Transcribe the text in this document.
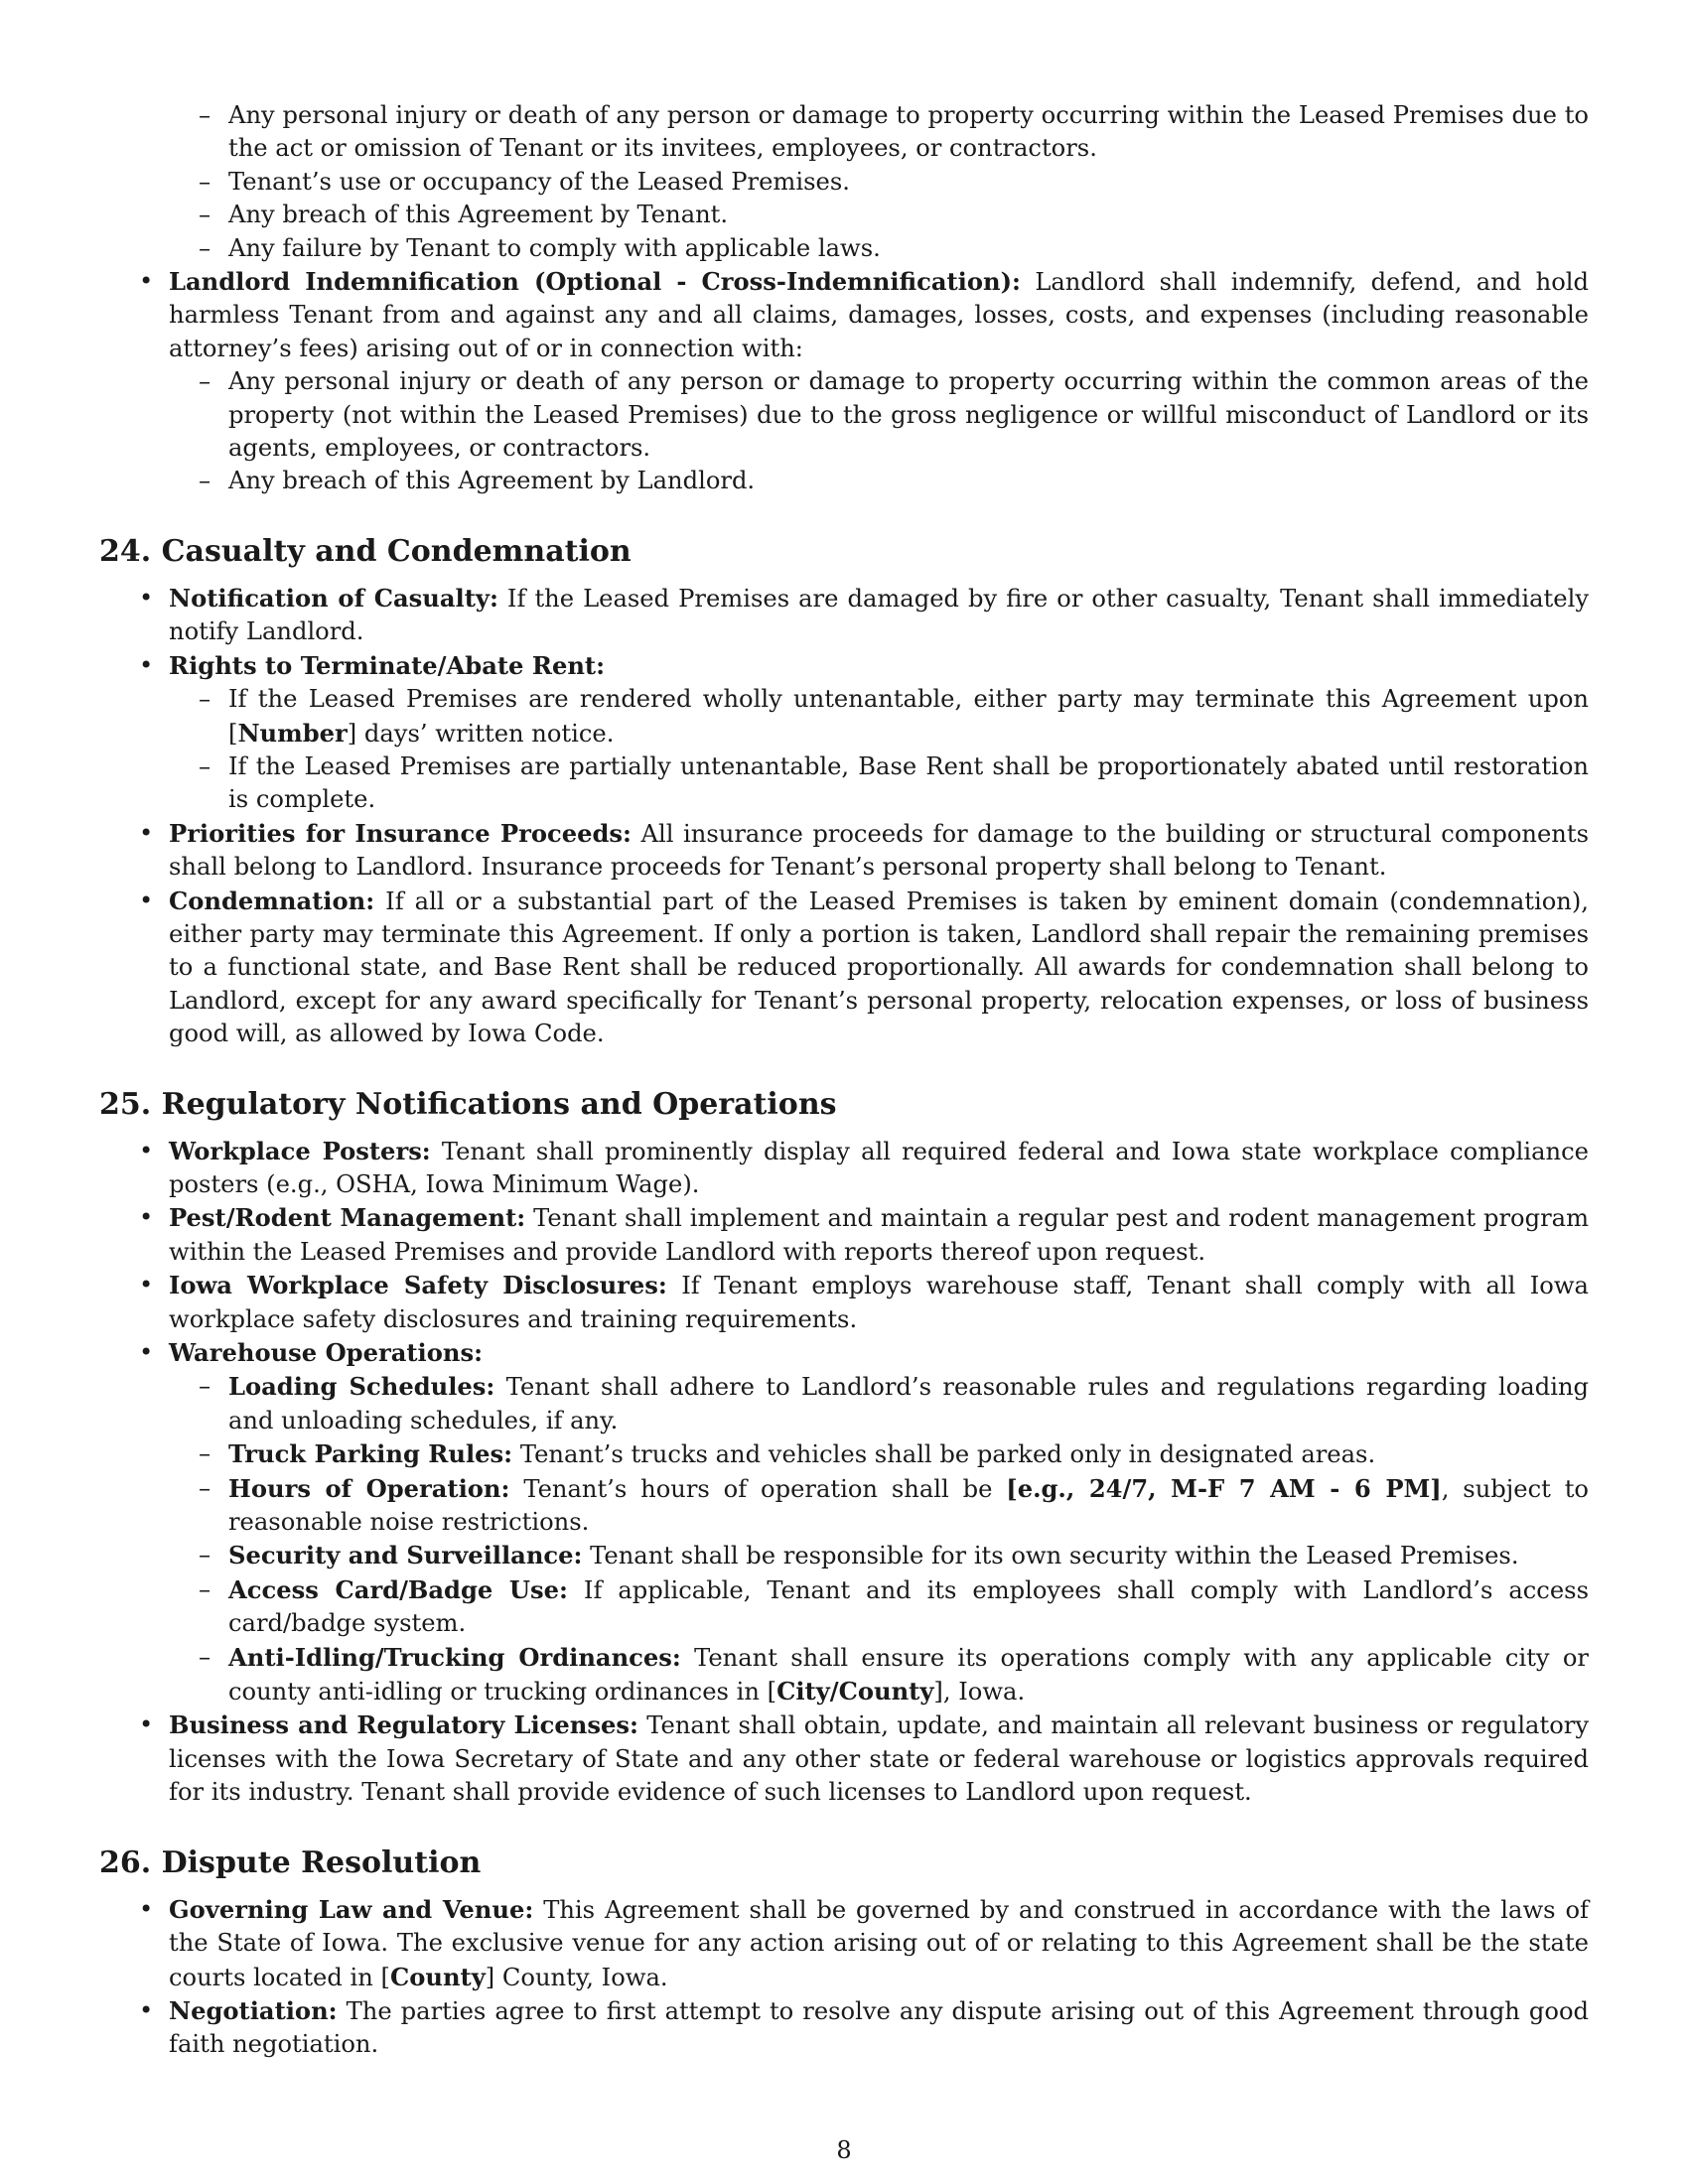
– Any personal injury or death of any person or damage to property occurring within the Leased Premises due to the act or omission of Tenant or its invitees, employees, or contractors.
– Tenant’s use or occupancy of the Leased Premises.
– Any breach of this Agreement by Tenant.
– Any failure by Tenant to comply with applicable laws.
• Landlord Indemnification (Optional - Cross-Indemnification): Landlord shall indemnify, defend, and hold harmless Tenant from and against any and all claims, damages, losses, costs, and expenses (including reasonable attorney’s fees) arising out of or in connection with:
– Any personal injury or death of any person or damage to property occurring within the common areas of the property (not within the Leased Premises) due to the gross negligence or willful misconduct of Landlord or its agents, employees, or contractors.
– Any breach of this Agreement by Landlord.
24. Casualty and Condemnation
• Notification of Casualty: If the Leased Premises are damaged by fire or other casualty, Tenant shall immediately notify Landlord.
• Rights to Terminate/Abate Rent:
– If the Leased Premises are rendered wholly untenantable, either party may terminate this Agreement upon [Number] days’ written notice.
– If the Leased Premises are partially untenantable, Base Rent shall be proportionately abated until restoration is complete.
• Priorities for Insurance Proceeds: All insurance proceeds for damage to the building or structural components shall belong to Landlord. Insurance proceeds for Tenant’s personal property shall belong to Tenant.
• Condemnation: If all or a substantial part of the Leased Premises is taken by eminent domain (condemnation), either party may terminate this Agreement. If only a portion is taken, Landlord shall repair the remaining premises to a functional state, and Base Rent shall be reduced proportionally. All awards for condemnation shall belong to Landlord, except for any award specifically for Tenant’s personal property, relocation expenses, or loss of business good will, as allowed by Iowa Code.
25. Regulatory Notifications and Operations
• Workplace Posters: Tenant shall prominently display all required federal and Iowa state workplace compliance posters (e.g., OSHA, Iowa Minimum Wage).
• Pest/Rodent Management: Tenant shall implement and maintain a regular pest and rodent management program within the Leased Premises and provide Landlord with reports thereof upon request.
• Iowa Workplace Safety Disclosures: If Tenant employs warehouse staff, Tenant shall comply with all Iowa workplace safety disclosures and training requirements.
• Warehouse Operations:
– Loading Schedules: Tenant shall adhere to Landlord’s reasonable rules and regulations regarding loading and unloading schedules, if any.
– Truck Parking Rules: Tenant’s trucks and vehicles shall be parked only in designated areas.
– Hours of Operation: Tenant’s hours of operation shall be [e.g., 24/7, M-F 7 AM - 6 PM], subject to reasonable noise restrictions.
– Security and Surveillance: Tenant shall be responsible for its own security within the Leased Premises.
– Access Card/Badge Use: If applicable, Tenant and its employees shall comply with Landlord’s access card/badge system.
– Anti-Idling/Trucking Ordinances: Tenant shall ensure its operations comply with any applicable city or county anti-idling or trucking ordinances in [City/County], Iowa.
• Business and Regulatory Licenses: Tenant shall obtain, update, and maintain all relevant business or regulatory licenses with the Iowa Secretary of State and any other state or federal warehouse or logistics approvals required for its industry. Tenant shall provide evidence of such licenses to Landlord upon request.
26. Dispute Resolution
• Governing Law and Venue: This Agreement shall be governed by and construed in accordance with the laws of the State of Iowa. The exclusive venue for any action arising out of or relating to this Agreement shall be the state courts located in [County] County, Iowa.
• Negotiation: The parties agree to first attempt to resolve any dispute arising out of this Agreement through good faith negotiation.
8
